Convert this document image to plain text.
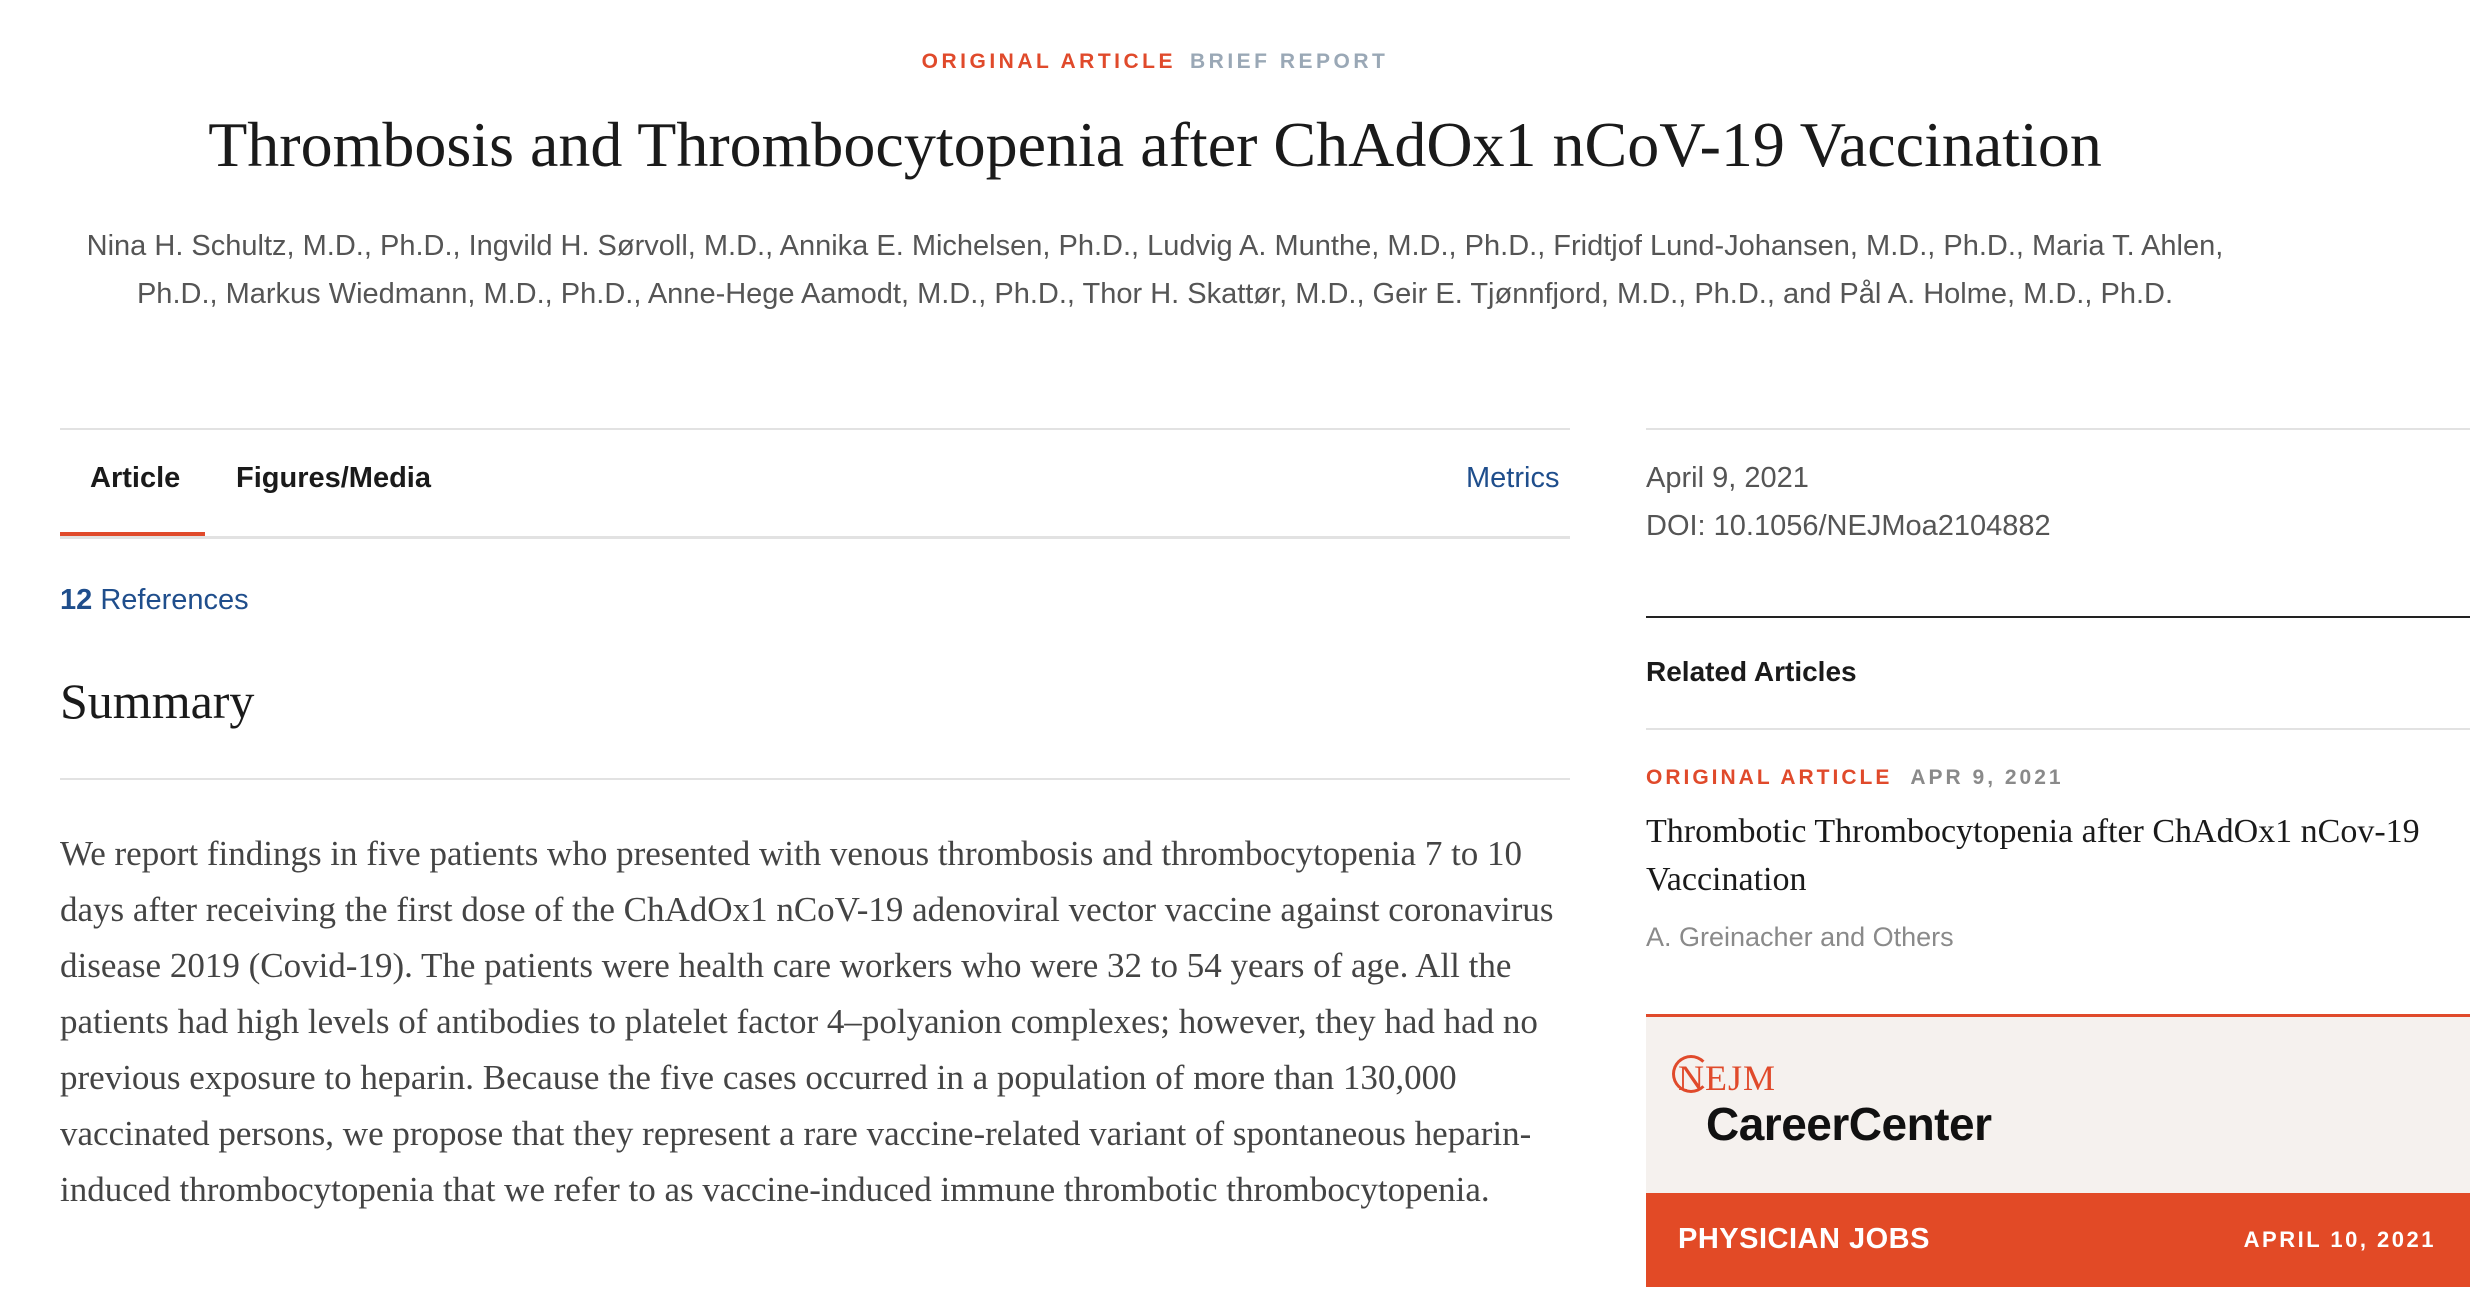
ORIGINAL ARTICLE BRIEF REPORT
Thrombosis and Thrombocytopenia after ChAdOx1 nCoV-19 Vaccination
Nina H. Schultz, M.D., Ph.D., Ingvild H. Sørvoll, M.D., Annika E. Michelsen, Ph.D., Ludvig A. Munthe, M.D., Ph.D., Fridtjof Lund-Johansen, M.D., Ph.D., Maria T. Ahlen, Ph.D., Markus Wiedmann, M.D., Ph.D., Anne-Hege Aamodt, M.D., Ph.D., Thor H. Skattør, M.D., Geir E. Tjønnfjord, M.D., Ph.D., and Pål A. Holme, M.D., Ph.D.
Article Figures/Media	Metrics
12 References
Summary

We report findings in five patients who presented with venous thrombosis and thrombocytopenia 7 to 10 days after receiving the first dose of the ChAdOx1 nCoV-19 adenoviral vector vaccine against coronavirus disease 2019 (Covid-19). The patients were health care workers who were 32 to 54 years of age. All the patients had high levels of antibodies to platelet factor 4–polyanion complexes; however, they had had no previous exposure to heparin. Because the five cases occurred in a population of more than 130,000 vaccinated persons, we propose that they represent a rare vaccine-related variant of spontaneous heparin-induced thrombocytopenia that we refer to as vaccine-induced immune thrombotic thrombocytopenia.

April 9, 2021
DOI: 10.1056/NEJMoa2104882
Related Articles
ORIGINAL ARTICLE APR 9, 2021
Thrombotic Thrombocytopenia after ChAdOx1 nCov-19 Vaccination
A. Greinacher and Others
NEJM
CareerCenter
PHYSICIAN JOBS	APRIL 10, 2021
